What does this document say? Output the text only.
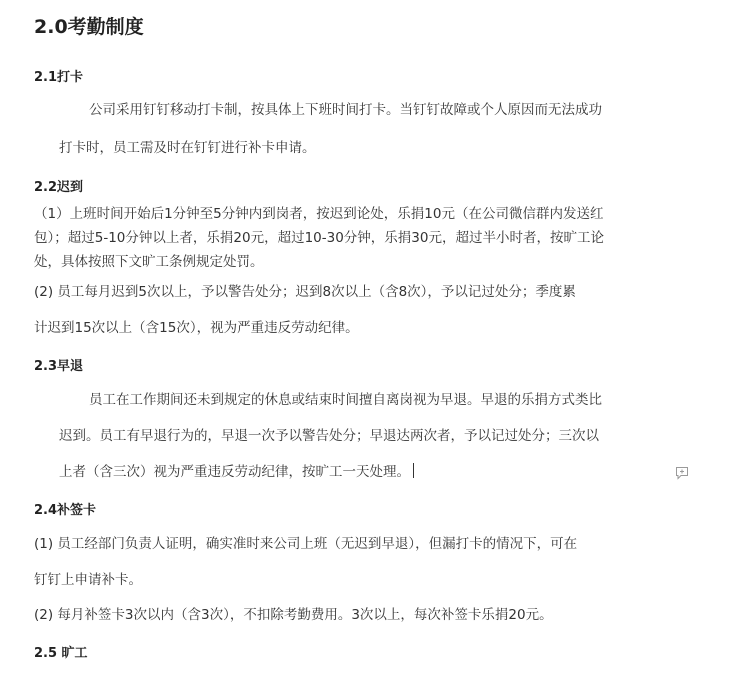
2.0考勤制度
2.1打卡
公司采用钉钉移动打卡制，按具体上下班时间打卡。当钉钉故障或个人原因而无法成功
打卡时，员工需及时在钉钉进行补卡申请。
2.2迟到
（1）上班时间开始后1分钟至5分钟内到岗者，按迟到论处，乐捐10元（在公司微信群内发送红
包）；超过5-10分钟以上者，乐捐20元，超过10-30分钟，乐捐30元，超过半小时者，按旷工论
处，具体按照下文旷工条例规定处罚。
(2) 员工每月迟到5次以上，予以警告处分；迟到8次以上（含8次），予以记过处分；季度累
计迟到15次以上（含15次），视为严重违反劳动纪律。
2.3早退
员工在工作期间还未到规定的休息或结束时间擅自离岗视为早退。早退的乐捐方式类比
迟到。员工有早退行为的，早退一次予以警告处分；早退达两次者，予以记过处分；三次以
上者（含三次）视为严重违反劳动纪律，按旷工一天处理。
2.4补签卡
(1) 员工经部门负责人证明，确实准时来公司上班（无迟到早退），但漏打卡的情况下，可在
钉钉上申请补卡。
(2) 每月补签卡3次以内（含3次），不扣除考勤费用。3次以上，每次补签卡乐捐20元。
2.5 旷工
